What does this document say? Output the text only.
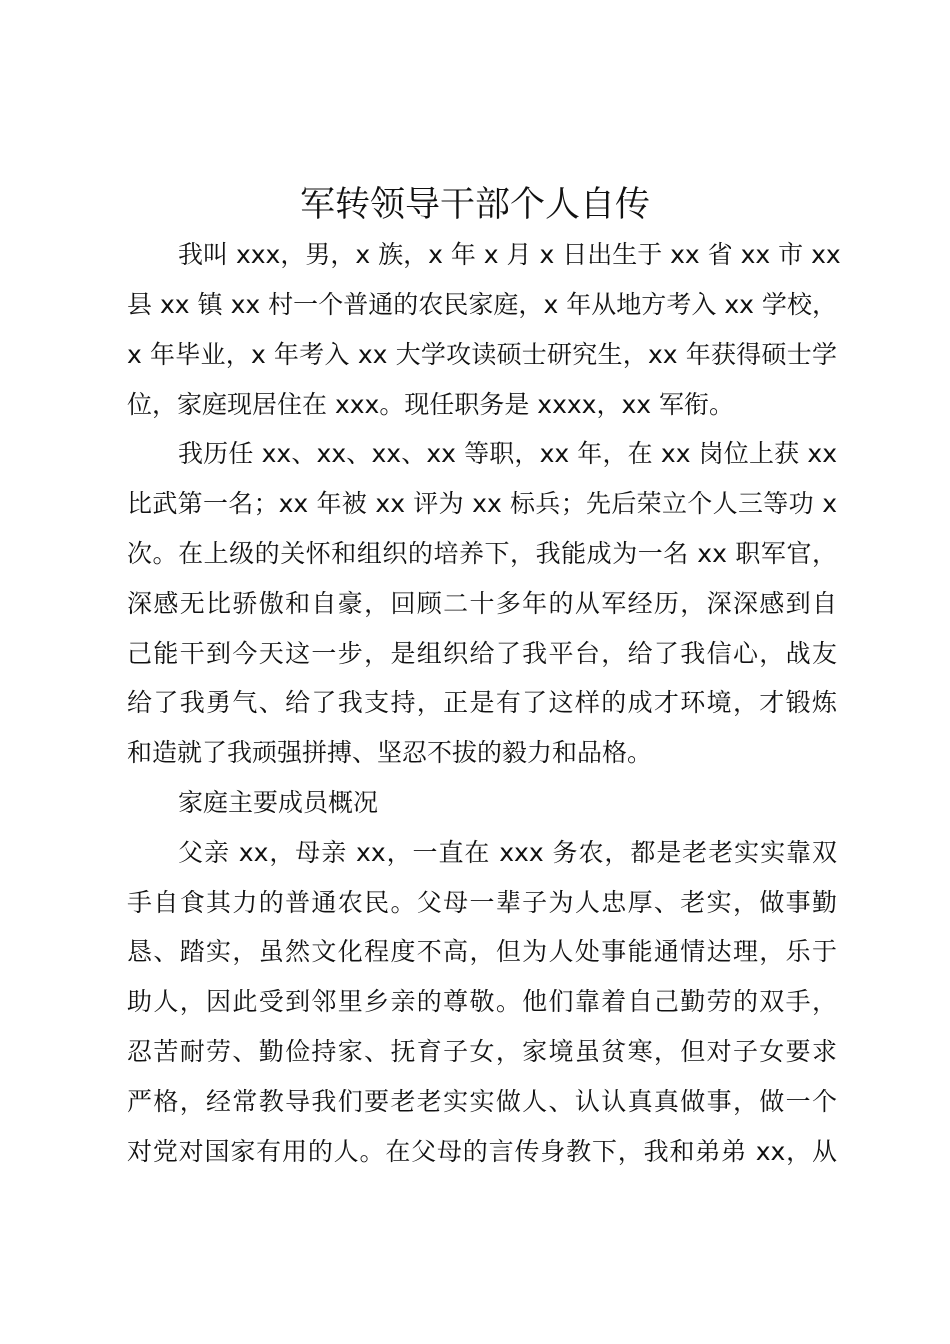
军转领导干部个人自传

我叫 xxx，男，x 族，x 年 x 月 x 日出生于 xx 省 xx 市 xx

县 xx 镇 xx 村一个普通的农民家庭，x 年从地方考入 xx 学校，

x 年毕业，x 年考入 xx 大学攻读硕士研究生，xx 年获得硕士学

位，家庭现居住在 xxx。现任职务是 xxxx，xx 军衔。

我历任 xx、xx、xx、xx 等职，xx 年，在 xx 岗位上获 xx

比武第一名；xx 年被 xx 评为 xx 标兵；先后荣立个人三等功 x

次。在上级的关怀和组织的培养下，我能成为一名 xx 职军官，

深感无比骄傲和自豪，回顾二十多年的从军经历，深深感到自

己能干到今天这一步，是组织给了我平台，给了我信心，战友

给了我勇气、给了我支持，正是有了这样的成才环境，才锻炼

和造就了我顽强拼搏、坚忍不拔的毅力和品格。

家庭主要成员概况

父亲 xx，母亲 xx，一直在 xxx 务农，都是老老实实靠双

手自食其力的普通农民。父母一辈子为人忠厚、老实，做事勤

恳、踏实，虽然文化程度不高，但为人处事能通情达理，乐于

助人，因此受到邻里乡亲的尊敬。他们靠着自己勤劳的双手，

忍苦耐劳、勤俭持家、抚育子女，家境虽贫寒，但对子女要求

严格，经常教导我们要老老实实做人、认认真真做事，做一个

对党对国家有用的人。在父母的言传身教下，我和弟弟 xx，从
